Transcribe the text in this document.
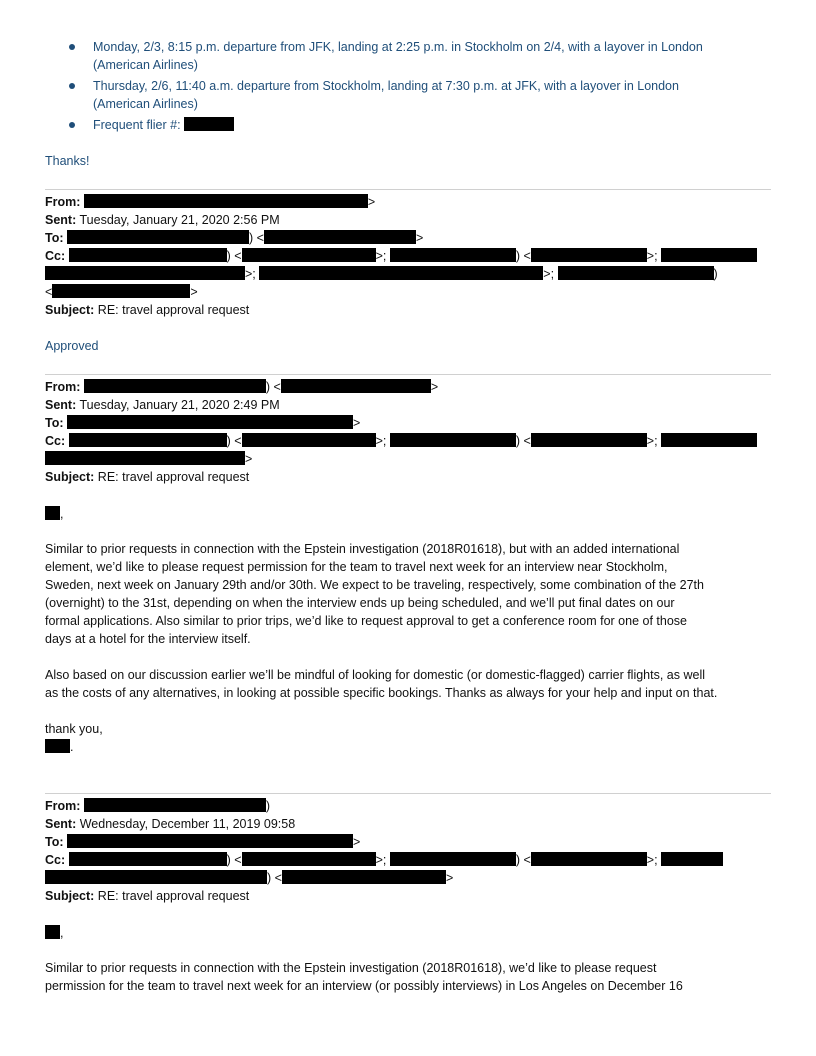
Monday, 2/3, 8:15 p.m. departure from JFK, landing at 2:25 p.m. in Stockholm on 2/4, with a layover in London
(American Airlines)
Thursday, 2/6, 11:40 a.m. departure from Stockholm, landing at 7:30 p.m. at JFK, with a layover in London
(American Airlines)
Frequent flier #:
Thanks!
From:	>
Sent: Tuesday, January 21, 2020 2:56 PM
To:	) <	>
Cc:	) <	>;	) <	>;
>;	>;	)
<	>
Subject: RE: travel approval request
Approved
From:	) <	>
Sent: Tuesday, January 21, 2020 2:49 PM
To:	>
Cc:	) <	>;	) <	>;
>
Subject: RE: travel approval request
,
Similar to prior requests in connection with the Epstein investigation (2018R01618), but with an added international
element, we’d like to please request permission for the team to travel next week for an interview near Stockholm,
Sweden, next week on January 29th and/or 30th. We expect to be traveling, respectively, some combination of the 27th
(overnight) to the 31st, depending on when the interview ends up being scheduled, and we’ll put final dates on our
formal applications. Also similar to prior trips, we’d like to request approval to get a conference room for one of those
days at a hotel for the interview itself.
Also based on our discussion earlier we’ll be mindful of looking for domestic (or domestic-flagged) carrier flights, as well
as the costs of any alternatives, in looking at possible specific bookings. Thanks as always for your help and input on that.
thank you,
.
From:	)
Sent: Wednesday, December 11, 2019 09:58
To:	>
Cc:	) <	>;	) <	>;
) <	>
Subject: RE: travel approval request
,
Similar to prior requests in connection with the Epstein investigation (2018R01618), we’d like to please request
permission for the team to travel next week for an interview (or possibly interviews) in Los Angeles on December 16
